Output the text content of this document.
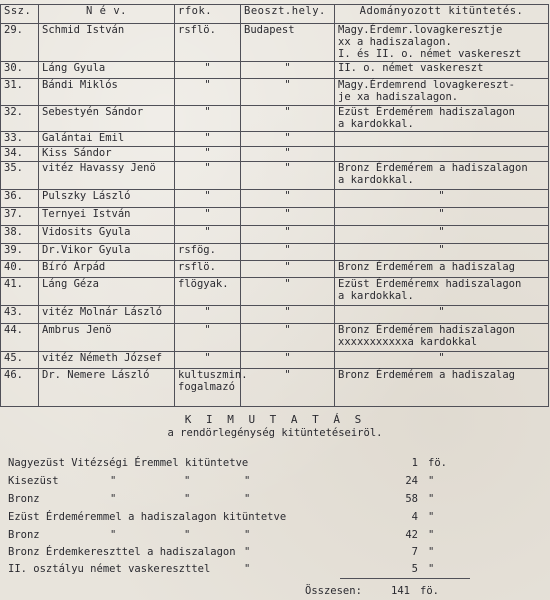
Ssz.	N é v.	rfok.	Beoszt.hely.	Adományozott kitüntetés.
29.	Schmid István	rsflö.	Budapest	Magy.Érdemr.lovagkeresztje
xx a hadiszalagon.
I. és II. o. német vaskereszt

30.	Láng Gyula	"	"	II. o. német vaskereszt

31.	Bándi Miklós	"	"	Magy.Érdemrend lovagkereszt-
je xa hadiszalagon.

32.	Sebestyén Sándor	"	"	Ezüst Érdemérem hadiszalagon
a kardokkal.

33.	Galántai Emil	"	"	

34.	Kiss Sándor	"	"	

35.	vitéz Havassy Jenö	"	"	Bronz Érdemérem a hadiszalagon
a kardokkal.

36.	Pulszky László	"	"	"

37.	Ternyei István	"	"	"

38.	Vidosits Gyula	"	"	"

39.	Dr.Vikor Gyula	rsfög.	"	"

40.	Bíró Árpád	rsflö.	"	Bronz Érdemérem a hadiszalag

41.	Láng Géza	flögyak.	"	Ezüst Érdeméremx hadiszalagon
a kardokkal.

43.	vitéz Molnár László	"	"	"

44.	Ambrus Jenö	"	"	Bronz Érdemérem hadiszalagon
xxxxxxxxxxxa kardokkal

45.	vitéz Németh József	"	"	"

46.	Dr. Nemere László	kultuszmin.
fogalmazó	"	Bronz Érdemérem a hadiszalag
K I M U T A T Á S
a rendörlegénység kitüntetéseiröl.
Nagyezüst Vitézségi Éremmel kitüntetve	1 fö.
Kisezüst	"	"	"	24 "
Bronz	"	"	"	58 "
Ezüst Érdeméremmel a hadiszalagon kitüntetve	4 "
Bronz	"	"	"	42 "
Bronz Érdemkereszttel a hadiszalagon "	7 "
II. osztályu német vaskereszttel	"	5 "
Összesen:	141 fö.
